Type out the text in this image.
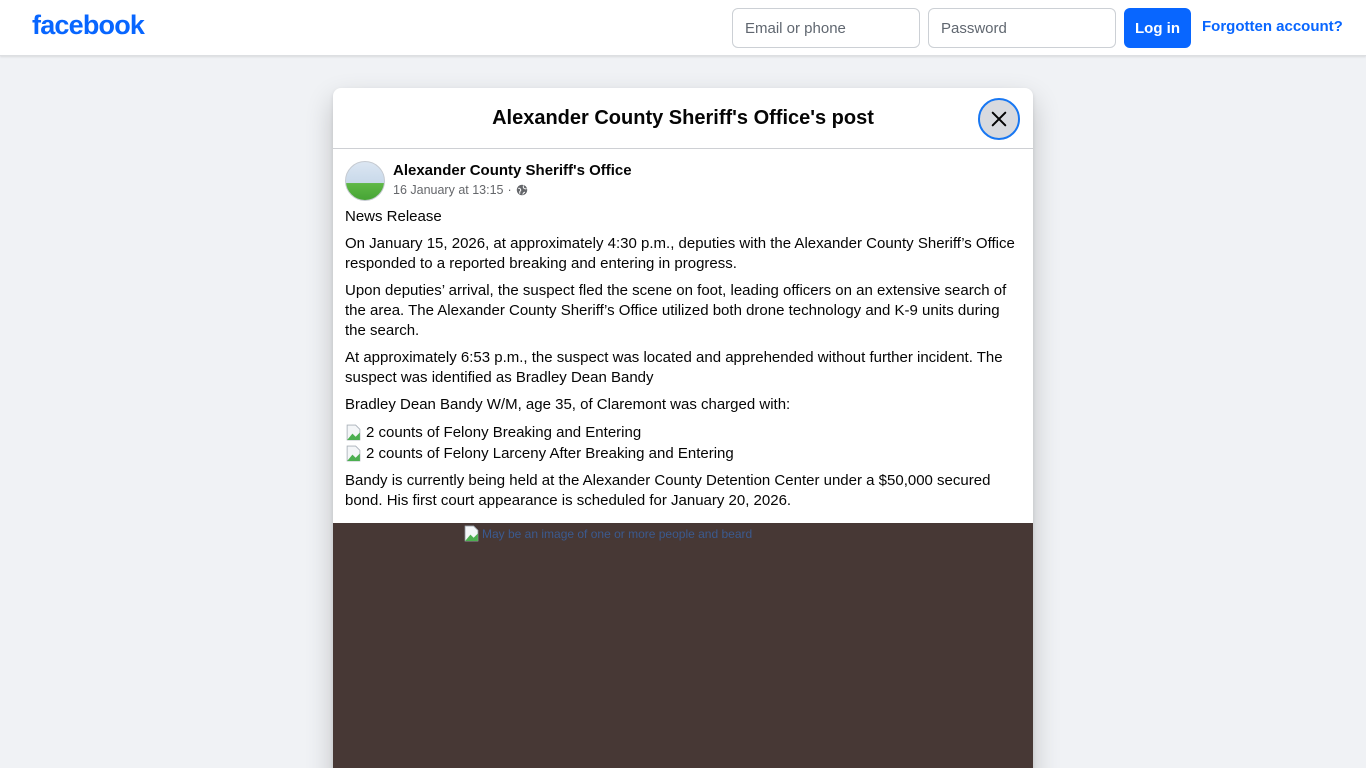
facebook
Email or phone	Log in	Forgotten account?
Alexander County Sheriff's Office's post
Alexander County Sheriff's Office
16 January at 13:15 ·

News Release

On January 15, 2026, at approximately 4:30 p.m., deputies with the Alexander County Sheriff’s Office responded to a reported breaking and entering in progress.

Upon deputies’ arrival, the suspect fled the scene on foot, leading officers on an extensive search of the area. The Alexander County Sheriff’s Office utilized both drone technology and K-9 units during the search.

At approximately 6:53 p.m., the suspect was located and apprehended without further incident. The suspect was identified as Bradley Dean Bandy

Bradley Dean Bandy W/M, age 35, of Claremont was charged with:

2 counts of Felony Breaking and Entering
2 counts of Felony Larceny After Breaking and Entering

Bandy is currently being held at the Alexander County Detention Center under a $50,000 secured bond. His first court appearance is scheduled for January 20, 2026.

May be an image of one or more people and beard
